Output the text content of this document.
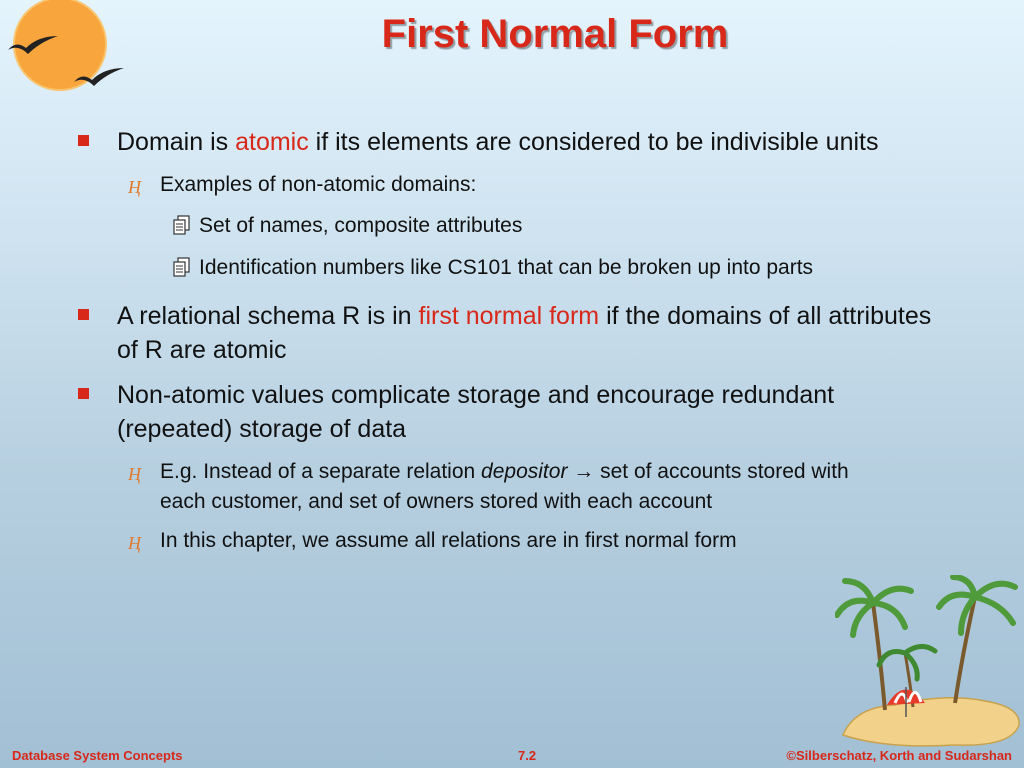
First Normal Form
Domain is atomic if its elements are considered to be indivisible units
Ⱨ Examples of non-atomic domains:
Set of names, composite attributes
Identification numbers like CS101 that can be broken up into parts
A relational schema R is in first normal form if the domains of all attributes of R are atomic
Non-atomic values complicate storage and encourage redundant (repeated) storage of data
Ⱨ E.g. Instead of a separate relation depositor → set of accounts stored with each customer, and set of owners stored with each account
Ⱨ In this chapter, we assume all relations are in first normal form
Database System Concepts	7.2	©Silberschatz, Korth and Sudarshan
